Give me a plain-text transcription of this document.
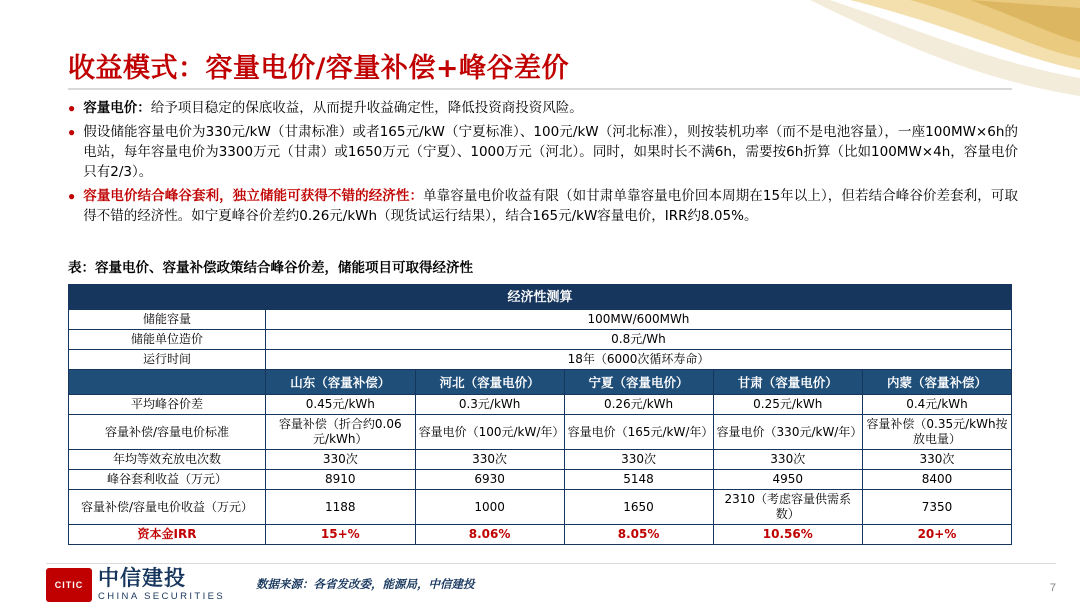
收益模式：容量电价/容量补偿+峰谷差价
● 容量电价：给予项目稳定的保底收益，从而提升收益确定性，降低投资商投资风险。
● 假设储能容量电价为330元/kW（甘肃标准）或者165元/kW（宁夏标准）、100元/kW（河北标准），则按装机功率（而不是电池容量），一座100MW×6h的电站，每年容量电价为3300万元（甘肃）或1650万元（宁夏）、1000万元（河北）。同时，如果时长不满6h，需要按6h折算（比如100MW×4h，容量电价只有2/3）。
● 容量电价结合峰谷套利，独立储能可获得不错的经济性：单靠容量电价收益有限（如甘肃单靠容量电价回本周期在15年以上），但若结合峰谷价差套利，可取得不错的经济性。如宁夏峰谷价差约0.26元/kWh（现货试运行结果），结合165元/kW容量电价，IRR约8.05%。
表：容量电价、容量补偿政策结合峰谷价差，储能项目可取得经济性
经济性测算					
储能容量	100MW/600MWh				
储能单位造价	0.8元/Wh				
运行时间	18年（6000次循环寿命）				
	山东（容量补偿）	河北（容量电价）	宁夏（容量电价）	甘肃（容量电价）	内蒙（容量补偿）
平均峰谷价差	0.45元/kWh	0.3元/kWh	0.26元/kWh	0.25元/kWh	0.4元/kWh
容量补偿/容量电价标准	容量补偿（折合约0.06元/kWh）	容量电价（100元/kW/年）	容量电价（165元/kW/年）	容量电价（330元/kW/年）	容量补偿（0.35元/kWh按放电量）
年均等效充放电次数	330次	330次	330次	330次	330次
峰谷套利收益（万元）	8910	6930	5148	4950	8400
容量补偿/容量电价收益（万元）	1188	1000	1650	2310（考虑容量供需系数）	7350
资本金IRR	15+%	8.06%	8.05%	10.56%	20+%
CITIC 中信建投
CHINA SECURITIES
数据来源：各省发改委，能源局，中信建投	7
